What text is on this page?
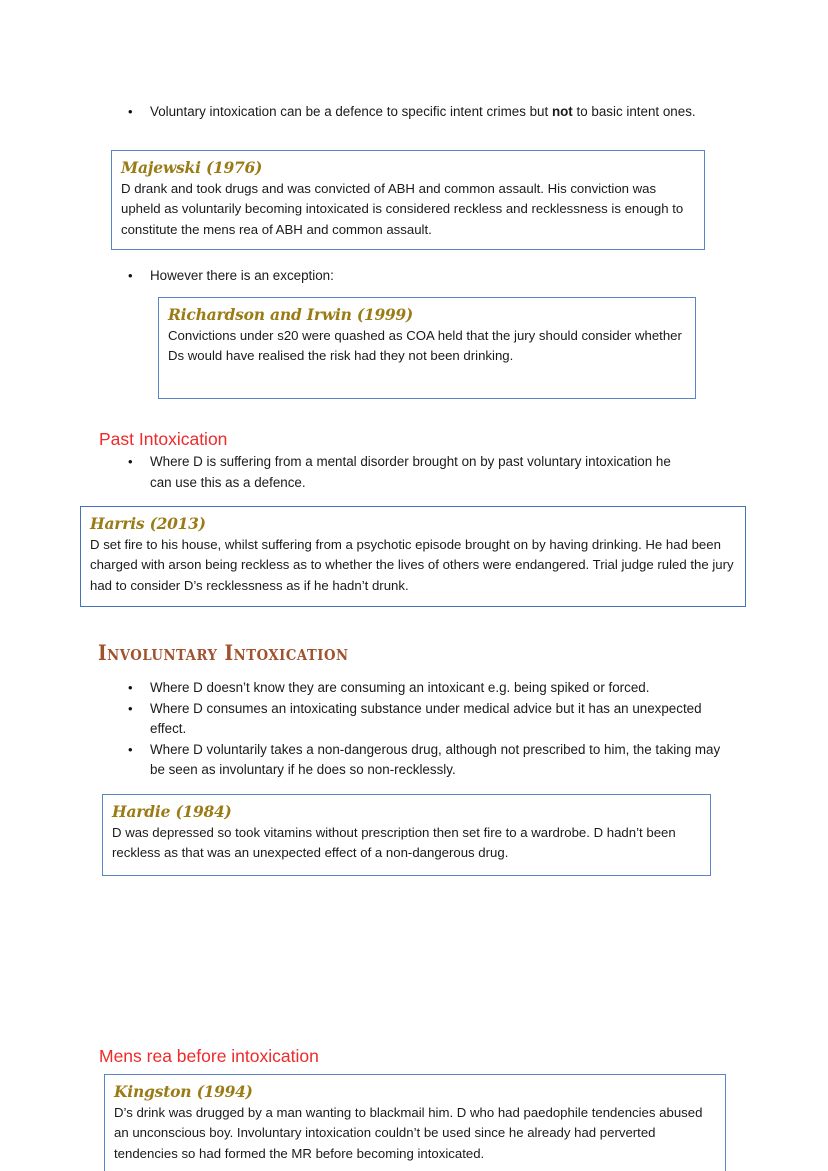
•	Voluntary intoxication can be a defence to specific intent crimes but not to basic intent ones.

Majewski (1976)

D drank and took drugs and was convicted of ABH and common assault. His conviction was upheld as voluntarily becoming intoxicated is considered reckless and recklessness is enough to constitute the mens rea of ABH and common assault.

•	However there is an exception:

Richardson and Irwin (1999)

Convictions under s20 were quashed as COA held that the jury should consider whether Ds would have realised the risk had they not been drinking.

Past Intoxication
•	Where D is suffering from a mental disorder brought on by past voluntary intoxication he can use this as a defence.

Harris (2013)

D set fire to his house, whilst suffering from a psychotic episode brought on by having drinking. He had been charged with arson being reckless as to whether the lives of others were endangered. Trial judge ruled the jury had to consider D’s recklessness as if he hadn’t drunk.

Involuntary Intoxication
•	Where D doesn’t know they are consuming an intoxicant e.g. being spiked or forced.
•	Where D consumes an intoxicating substance under medical advice but it has an unexpected effect.
•	Where D voluntarily takes a non-dangerous drug, although not prescribed to him, the taking may be seen as involuntary if he does so non-recklessly.

Hardie (1984)

D was depressed so took vitamins without prescription then set fire to a wardrobe. D hadn’t been reckless as that was an unexpected effect of a non-dangerous drug.

Mens rea before intoxication

Kingston (1994)

D’s drink was drugged by a man wanting to blackmail him. D who had paedophile tendencies abused an unconscious boy. Involuntary intoxication couldn’t be used since he already had perverted tendencies so had formed the MR before becoming intoxicated.
